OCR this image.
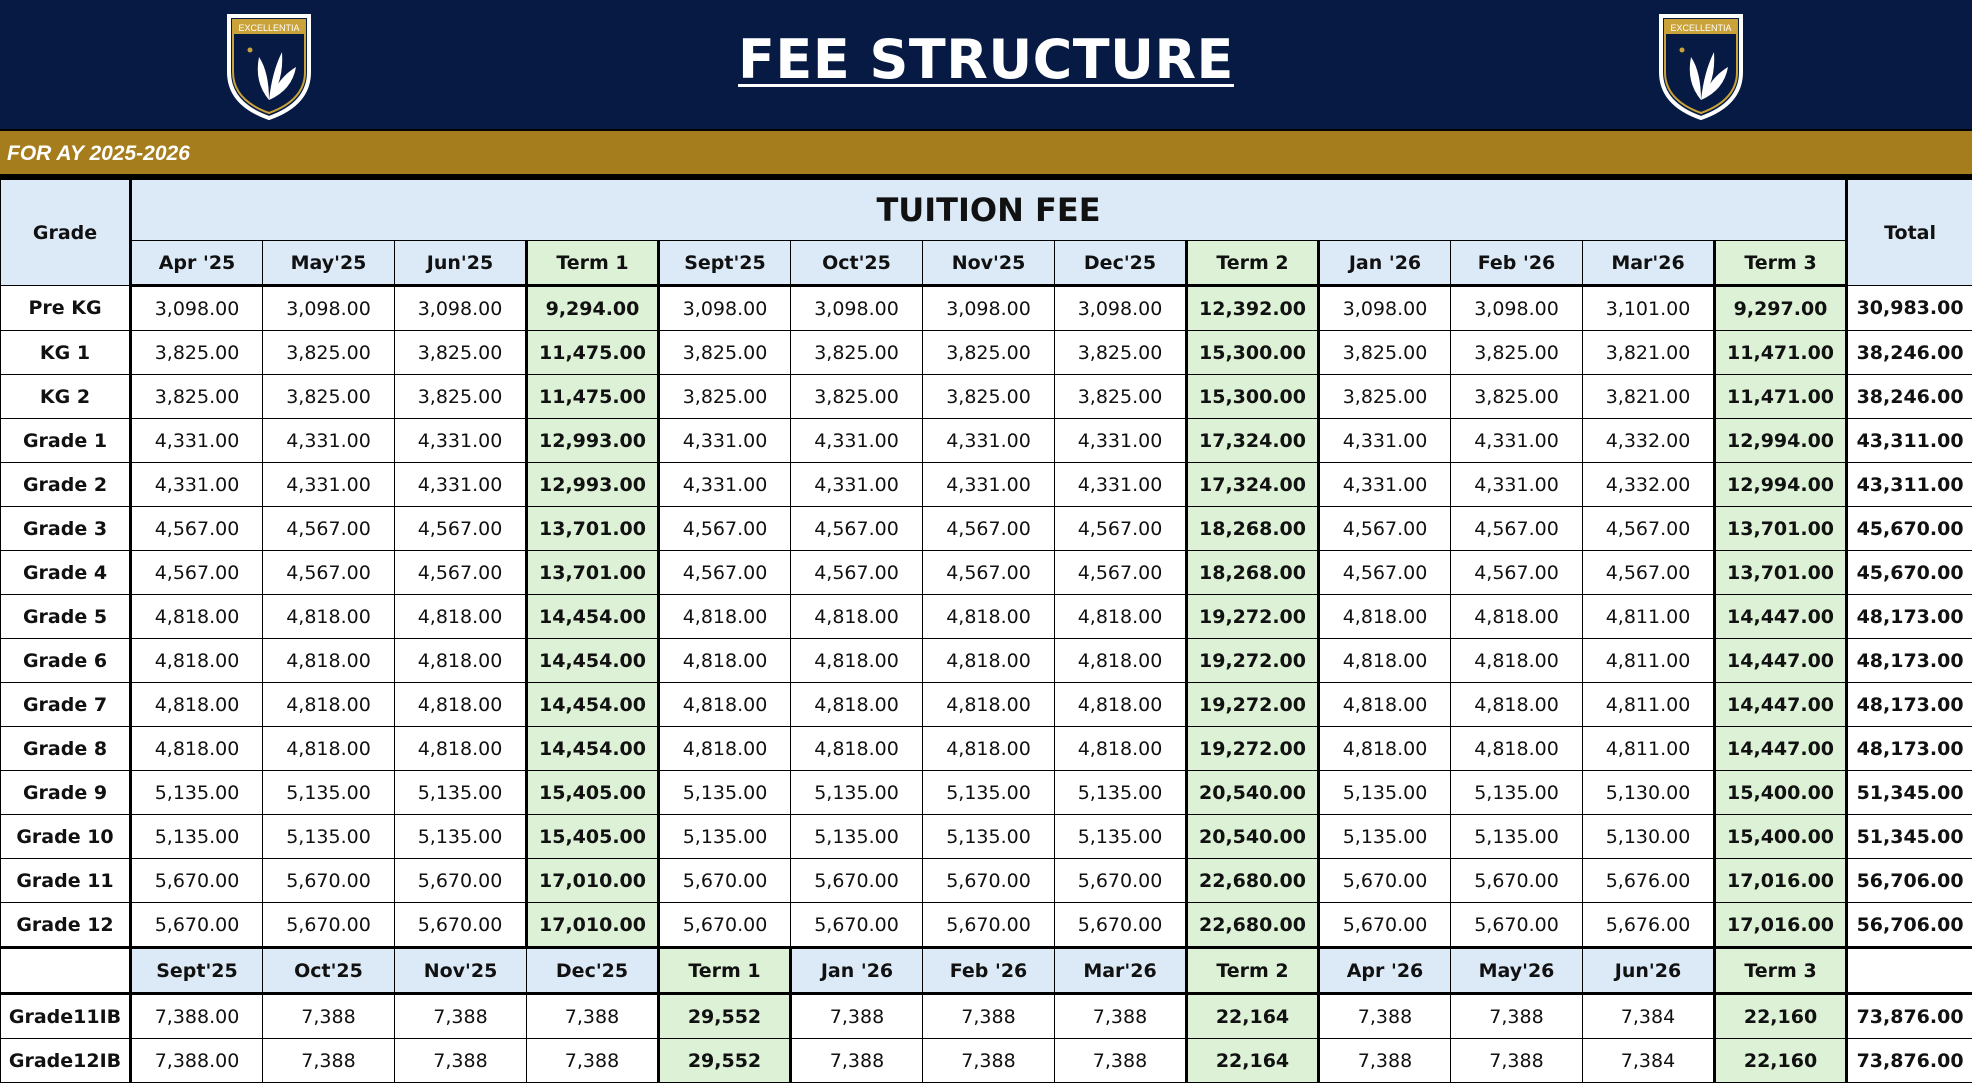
EXCELLENTIA	FEE STRUCTURE	EXCELLENTIA
FOR AY 2025-2026
Grade	TUITION FEE													Total
	Apr '25	May'25	Jun'25	Term 1	Sept'25	Oct'25	Nov'25	Dec'25	Term 2	Jan '26	Feb '26	Mar'26	Term 3	
Pre KG	3,098.00	3,098.00	3,098.00	9,294.00	3,098.00	3,098.00	3,098.00	3,098.00	12,392.00	3,098.00	3,098.00	3,101.00	9,297.00	30,983.00
KG 1	3,825.00	3,825.00	3,825.00	11,475.00	3,825.00	3,825.00	3,825.00	3,825.00	15,300.00	3,825.00	3,825.00	3,821.00	11,471.00	38,246.00
KG 2	3,825.00	3,825.00	3,825.00	11,475.00	3,825.00	3,825.00	3,825.00	3,825.00	15,300.00	3,825.00	3,825.00	3,821.00	11,471.00	38,246.00
Grade 1	4,331.00	4,331.00	4,331.00	12,993.00	4,331.00	4,331.00	4,331.00	4,331.00	17,324.00	4,331.00	4,331.00	4,332.00	12,994.00	43,311.00
Grade 2	4,331.00	4,331.00	4,331.00	12,993.00	4,331.00	4,331.00	4,331.00	4,331.00	17,324.00	4,331.00	4,331.00	4,332.00	12,994.00	43,311.00
Grade 3	4,567.00	4,567.00	4,567.00	13,701.00	4,567.00	4,567.00	4,567.00	4,567.00	18,268.00	4,567.00	4,567.00	4,567.00	13,701.00	45,670.00
Grade 4	4,567.00	4,567.00	4,567.00	13,701.00	4,567.00	4,567.00	4,567.00	4,567.00	18,268.00	4,567.00	4,567.00	4,567.00	13,701.00	45,670.00
Grade 5	4,818.00	4,818.00	4,818.00	14,454.00	4,818.00	4,818.00	4,818.00	4,818.00	19,272.00	4,818.00	4,818.00	4,811.00	14,447.00	48,173.00
Grade 6	4,818.00	4,818.00	4,818.00	14,454.00	4,818.00	4,818.00	4,818.00	4,818.00	19,272.00	4,818.00	4,818.00	4,811.00	14,447.00	48,173.00
Grade 7	4,818.00	4,818.00	4,818.00	14,454.00	4,818.00	4,818.00	4,818.00	4,818.00	19,272.00	4,818.00	4,818.00	4,811.00	14,447.00	48,173.00
Grade 8	4,818.00	4,818.00	4,818.00	14,454.00	4,818.00	4,818.00	4,818.00	4,818.00	19,272.00	4,818.00	4,818.00	4,811.00	14,447.00	48,173.00
Grade 9	5,135.00	5,135.00	5,135.00	15,405.00	5,135.00	5,135.00	5,135.00	5,135.00	20,540.00	5,135.00	5,135.00	5,130.00	15,400.00	51,345.00
Grade 10	5,135.00	5,135.00	5,135.00	15,405.00	5,135.00	5,135.00	5,135.00	5,135.00	20,540.00	5,135.00	5,135.00	5,130.00	15,400.00	51,345.00
Grade 11	5,670.00	5,670.00	5,670.00	17,010.00	5,670.00	5,670.00	5,670.00	5,670.00	22,680.00	5,670.00	5,670.00	5,676.00	17,016.00	56,706.00
Grade 12	5,670.00	5,670.00	5,670.00	17,010.00	5,670.00	5,670.00	5,670.00	5,670.00	22,680.00	5,670.00	5,670.00	5,676.00	17,016.00	56,706.00
	Sept'25	Oct'25	Nov'25	Dec'25	Term 1	Jan '26	Feb '26	Mar'26	Term 2	Apr '26	May'26	Jun'26	Term 3	
Grade11IB	7,388.00	7,388	7,388	7,388	29,552	7,388	7,388	7,388	22,164	7,388	7,388	7,384	22,160	73,876.00
Grade12IB	7,388.00	7,388	7,388	7,388	29,552	7,388	7,388	7,388	22,164	7,388	7,388	7,384	22,160	73,876.00
